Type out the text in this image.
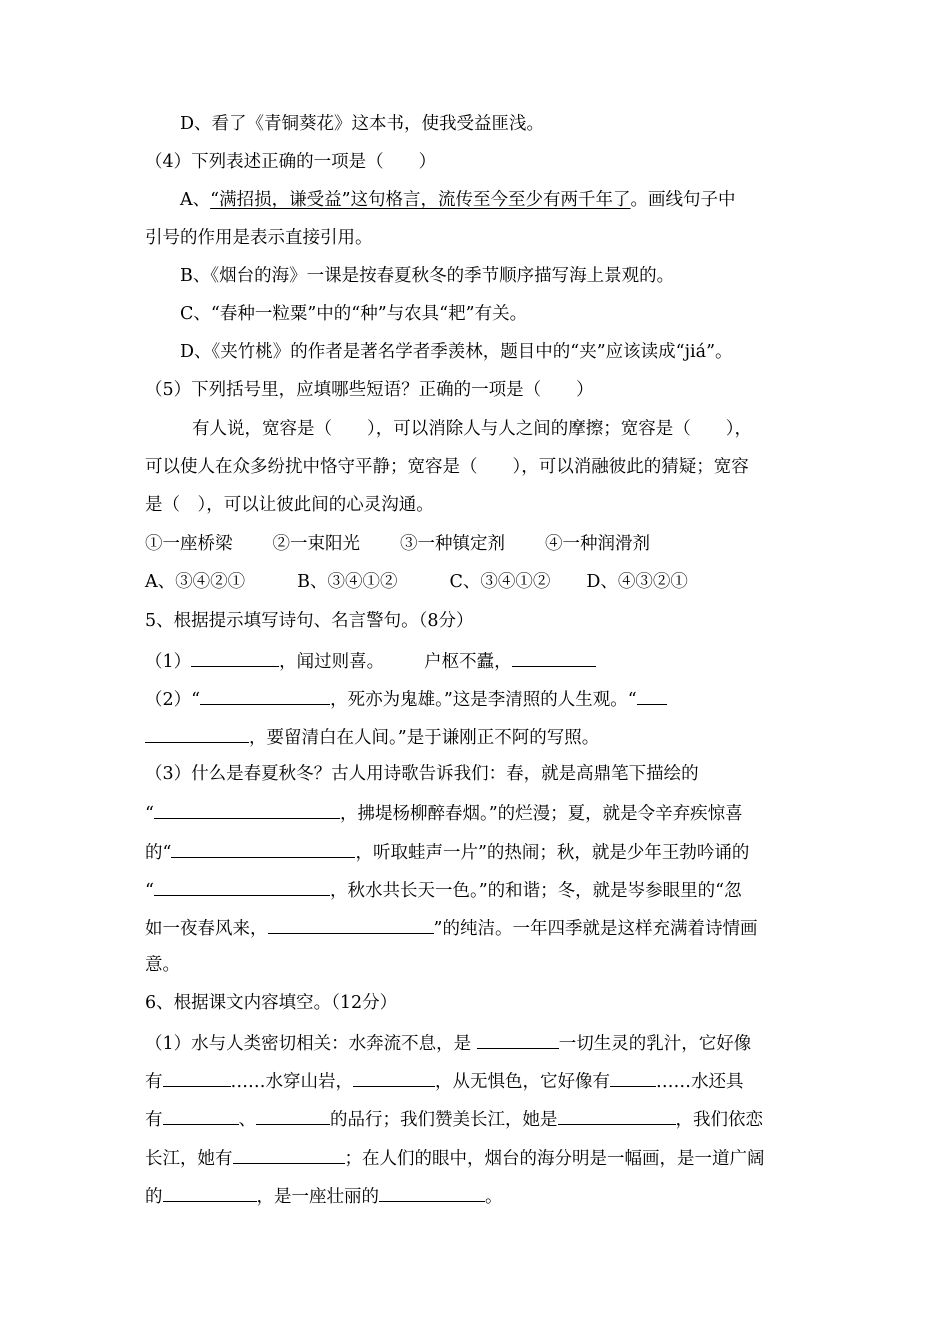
D、看了《青铜葵花》这本书，使我受益匪浅。
（4）下列表述正确的一项是（　　）
A、“满招损，谦受益”这句格言，流传至今至少有两千年了。画线句子中
引号的作用是表示直接引用。
B、《烟台的海》一课是按春夏秋冬的季节顺序描写海上景观的。
C、“春种一粒粟”中的“种”与农具“耙”有关。
D、《夹竹桃》的作者是著名学者季羡林，题目中的“夹”应该读成“jiá”。
（5）下列括号里，应填哪些短语？正确的一项是（　　）
有人说，宽容是（　　），可以消除人与人之间的摩擦；宽容是（　　），
可以使人在众多纷扰中恪守平静；宽容是（　　），可以消融彼此的猜疑；宽容
是（　），可以让彼此间的心灵沟通。
①一座桥梁 ②一束阳光 ③一种镇定剂 ④一种润滑剂
A、③④②①	B、③④①②	C、③④①② D、④③②①
5、根据提示填写诗句、名言警句。（8分）
（1）	，闻过则喜。 户枢不蠹，
（2）“	，死亦为鬼雄。”这是李清照的人生观。“
，要留清白在人间。”是于谦刚正不阿的写照。
（3）什么是春夏秋冬？古人用诗歌告诉我们：春，就是高鼎笔下描绘的
“	，拂堤杨柳醉春烟。”的烂漫；夏，就是令辛弃疾惊喜
的“	，听取蛙声一片”的热闹；秋，就是少年王勃吟诵的
“	，秋水共长天一色。”的和谐；冬，就是岑参眼里的“忽
如一夜春风来，	”的纯洁。一年四季就是这样充满着诗情画
意。
6、根据课文内容填空。（12分）
（1）水与人类密切相关：水奔流不息，是	一切生灵的乳汁，它好像
有	……水穿山岩，	，从无惧色，它好像有	……水还具
有	、	的品行；我们赞美长江，她是	，我们依恋
长江，她有	；在人们的眼中，烟台的海分明是一幅画，是一道广阔
的	，是一座壮丽的	。
